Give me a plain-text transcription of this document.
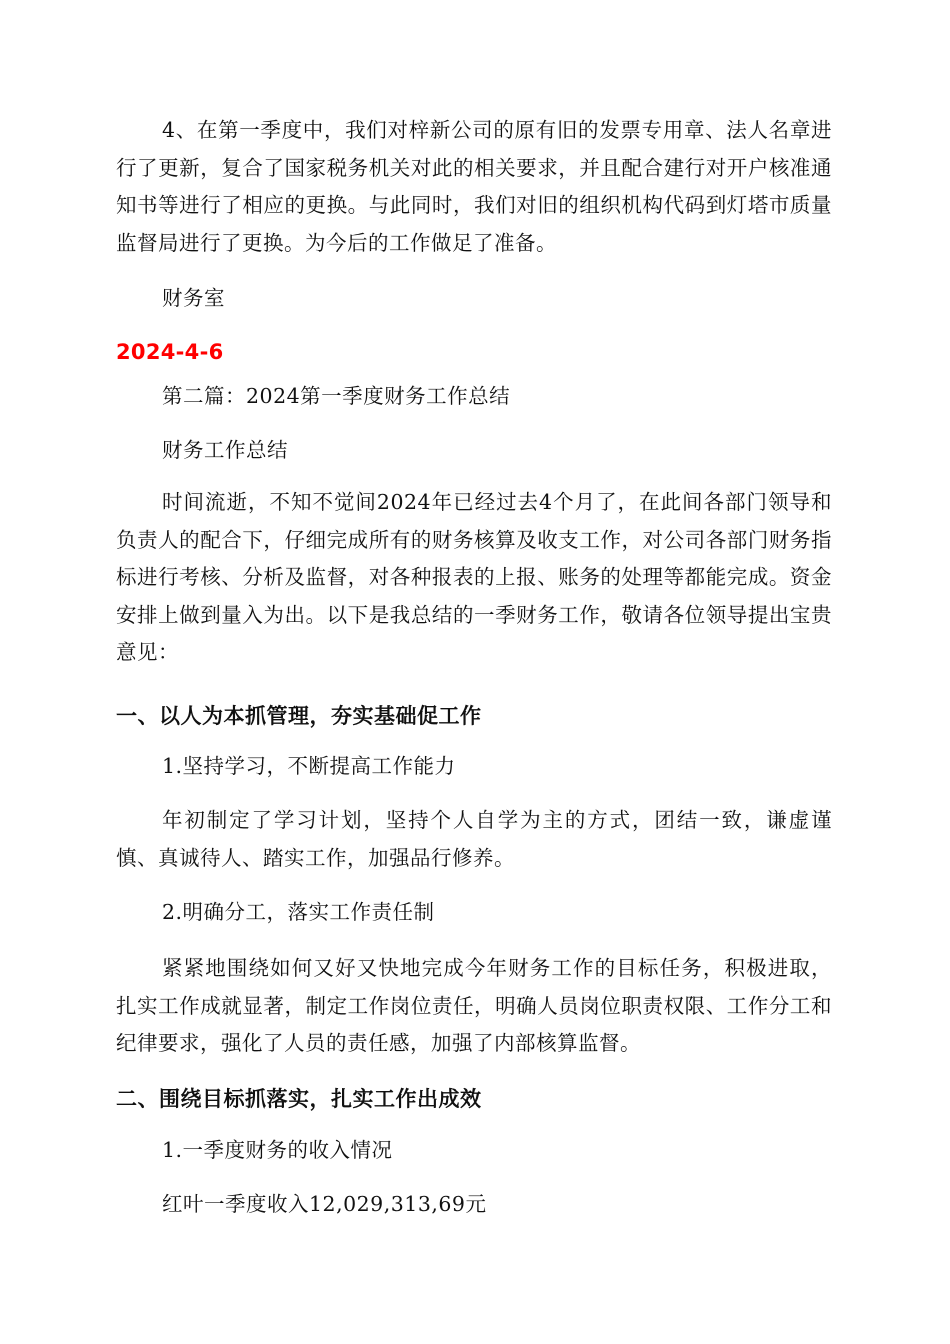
4、在第一季度中，我们对梓新公司的原有旧的发票专用章、法人名章进行了更新，复合了国家税务机关对此的相关要求，并且配合建行对开户核准通知书等进行了相应的更换。与此同时，我们对旧的组织机构代码到灯塔市质量监督局进行了更换。为今后的工作做足了准备。

财务室

2024-4-6

第二篇：2024第一季度财务工作总结

财务工作总结

时间流逝，不知不觉间2024年已经过去4个月了，在此间各部门领导和负责人的配合下，仔细完成所有的财务核算及收支工作，对公司各部门财务指标进行考核、分析及监督，对各种报表的上报、账务的处理等都能完成。资金安排上做到量入为出。以下是我总结的一季财务工作，敬请各位领导提出宝贵意见：

一、以人为本抓管理，夯实基础促工作

1.坚持学习，不断提高工作能力

年初制定了学习计划，坚持个人自学为主的方式，团结一致，谦虚谨慎、真诚待人、踏实工作，加强品行修养。

2.明确分工，落实工作责任制

紧紧地围绕如何又好又快地完成今年财务工作的目标任务，积极进取，扎实工作成就显著，制定工作岗位责任，明确人员岗位职责权限、工作分工和纪律要求，强化了人员的责任感，加强了内部核算监督。

二、围绕目标抓落实，扎实工作出成效

1.一季度财务的收入情况

红叶一季度收入12,029,313,69元
